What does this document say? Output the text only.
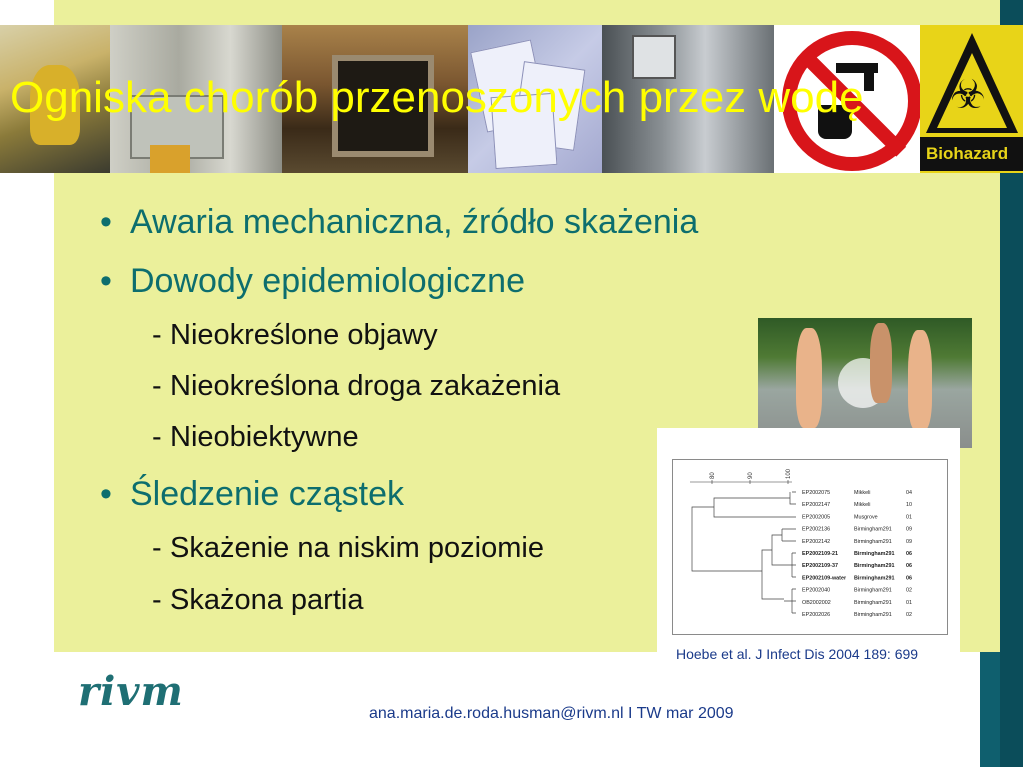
☣
Biohazard
Ogniska chorób przenoszonych przez wodę
• Awaria mechaniczna, źródło skażenia
• Dowody epidemiologiczne
- Nieokreślone objawy
- Nieokreślona droga zakażenia
- Nieobiektywne
• Śledzenie cząstek
- Skażenie na niskim poziomie
- Skażona partia
80	90	100
EP2002075	Mikkeli	04
EP2002147	Mikkeli	10
EP2002005	Musgrove	01
EP2002136	Birmingham291	09
EP2002142	Birmingham291	09
EP2002109-21	Birmingham291 06
EP2002109-37	Birmingham291 06
EP2002109-water Birmingham291 06
EP2002040	Birmingham291	02
OB2002002	Birmingham291	01
EP2002026	Birmingham291	02
Hoebe et al. J Infect Dis 2004 189: 699
rivm	ana.maria.de.roda.husman@rivm.nl I TW mar 2009
